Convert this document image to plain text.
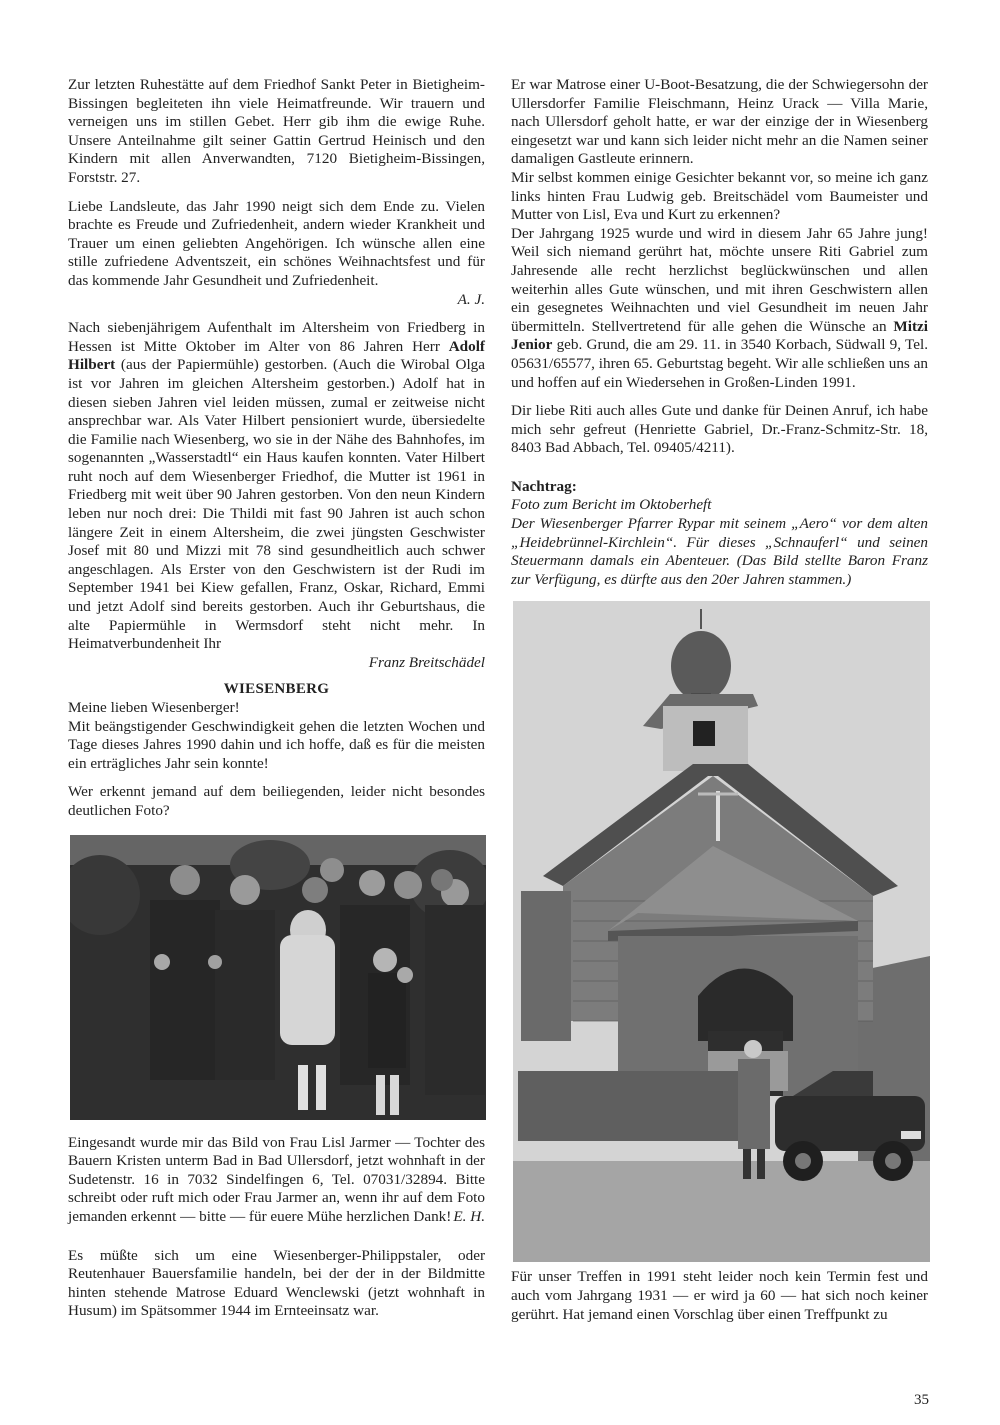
Zur letzten Ruhestätte auf dem Friedhof Sankt Peter in Bietigheim-Bissingen begleiteten ihn viele Heimatfreunde. Wir trauern und verneigen uns im stillen Gebet. Herr gib ihm die ewige Ruhe. Unsere Anteilnahme gilt seiner Gattin Gertrud Heinisch und den Kindern mit allen Anverwandten, 7120 Bietigheim-Bissingen, Forststr. 27.

Liebe Landsleute, das Jahr 1990 neigt sich dem Ende zu. Vielen brachte es Freude und Zufriedenheit, andern wieder Krankheit und Trauer um einen geliebten Angehörigen. Ich wünsche allen eine stille zufriedene Adventszeit, ein schönes Weihnachtsfest und für das kommende Jahr Gesundheit und Zufriedenheit.

A. J.

Nach siebenjährigem Aufenthalt im Altersheim von Friedberg in Hessen ist Mitte Oktober im Alter von 86 Jahren Herr Adolf Hilbert (aus der Papiermühle) gestorben. (Auch die Wirobal Olga ist vor Jahren im gleichen Altersheim gestorben.) Adolf hat in diesen sieben Jahren viel leiden müssen, zumal er zeitweise nicht ansprechbar war. Als Vater Hilbert pensioniert wurde, übersiedelte die Familie nach Wiesenberg, wo sie in der Nähe des Bahnhofes, im sogenannten „Wasserstadtl“ ein Haus kaufen konnten. Vater Hilbert ruht noch auf dem Wiesenberger Friedhof, die Mutter ist 1961 in Friedberg mit weit über 90 Jahren gestorben. Von den neun Kindern leben nur noch drei: Die Thildi mit fast 90 Jahren ist auch schon längere Zeit in einem Altersheim, die zwei jüngsten Geschwister Josef mit 80 und Mizzi mit 78 sind gesundheitlich auch schwer angeschlagen. Als Erster von den Geschwistern ist der Rudi im September 1941 bei Kiew gefallen, Franz, Oskar, Richard, Emmi und jetzt Adolf sind bereits gestorben. Auch ihr Geburtshaus, die alte Papiermühle in Wermsdorf steht nicht mehr. In Heimatverbundenheit Ihr

Franz Breitschädel
WIESENBERG

Meine lieben Wiesenberger!

Mit beängstigender Geschwindigkeit gehen die letzten Wochen und Tage dieses Jahres 1990 dahin und ich hoffe, daß es für die meisten ein erträgliches Jahr sein konnte!

Wer erkennt jemand auf dem beiliegenden, leider nicht besondes deutlichen Foto?

Eingesandt wurde mir das Bild von Frau Lisl Jarmer — Tochter des Bauern Kristen unterm Bad in Bad Ullersdorf, jetzt wohnhaft in der Sudetenstr. 16 in 7032 Sindelfingen 6, Tel. 07031/32894. Bitte schreibt oder ruft mich oder Frau Jarmer an, wenn ihr auf dem Foto jemanden erkennt — bitte — für euere Mühe herzlichen Dank! E. H.

Es müßte sich um eine Wiesenberger-Philippstaler, oder Reutenhauer Bauersfamilie handeln, bei der der in der Bildmitte hinten stehende Matrose Eduard Wenclewski (jetzt wohnhaft in Husum) im Spätsommer 1944 im Ernteeinsatz war.

Er war Matrose einer U-Boot-Besatzung, die der Schwiegersohn der Ullersdorfer Familie Fleischmann, Heinz Urack — Villa Marie, nach Ullersdorf geholt hatte, er war der einzige der in Wiesenberg eingesetzt war und kann sich leider nicht mehr an die Namen seiner damaligen Gastleute erinnern.

Mir selbst kommen einige Gesichter bekannt vor, so meine ich ganz links hinten Frau Ludwig geb. Breitschädel vom Baumeister und Mutter von Lisl, Eva und Kurt zu erkennen?

Der Jahrgang 1925 wurde und wird in diesem Jahr 65 Jahre jung! Weil sich niemand gerührt hat, möchte unsere Riti Gabriel zum Jahresende alle recht herzlichst beglückwünschen und allen weiterhin alles Gute wünschen, und mit ihren Geschwistern allen ein gesegnetes Weihnachten und viel Gesundheit im neuen Jahr übermitteln. Stellvertretend für alle gehen die Wünsche an Mitzi Jenior geb. Grund, die am 29. 11. in 3540 Korbach, Südwall 9, Tel. 05631/65577, ihren 65. Geburtstag begeht. Wir alle schließen uns an und hoffen auf ein Wiedersehen in Großen-Linden 1991.

Dir liebe Riti auch alles Gute und danke für Deinen Anruf, ich habe mich sehr gefreut (Henriette Gabriel, Dr.-Franz-Schmitz-Str. 18, 8403 Bad Abbach, Tel. 09405/4211).

Nachtrag:

Foto zum Bericht im Oktoberheft

Der Wiesenberger Pfarrer Rypar mit seinem „Aero“ vor dem alten „Heidebrünnel-Kirchlein“. Für dieses „Schnauferl“ und seinen Steuermann damals ein Abenteuer. (Das Bild stellte Baron Franz zur Verfügung, es dürfte aus den 20er Jahren stammen.)

Für unser Treffen in 1991 steht leider noch kein Termin fest und auch vom Jahrgang 1931 — er wird ja 60 — hat sich noch keiner gerührt. Hat jemand einen Vorschlag über einen Treffpunkt zu

35
